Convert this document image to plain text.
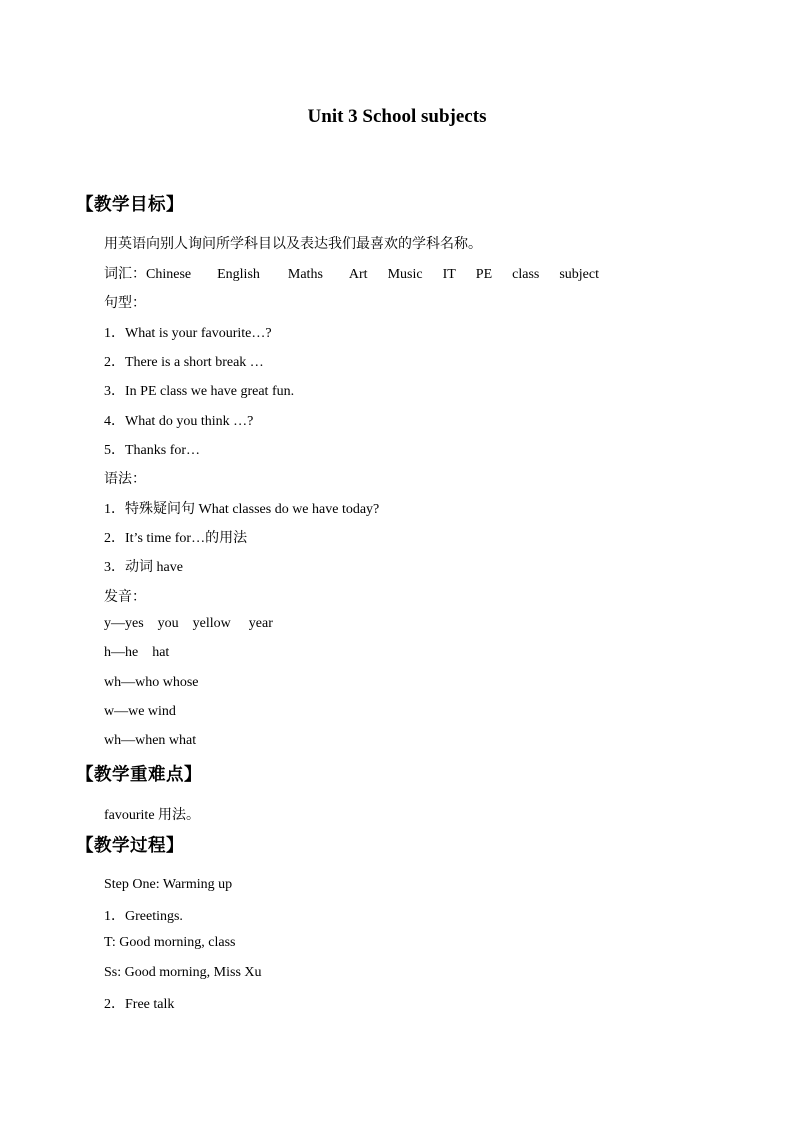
Unit 3 School subjects
【教学目标】
用英语向别人询问所学科目以及表达我们最喜欢的学科名称。
词汇：Chinese English Maths Art Music IT PE class subject
句型：
1．What is your favourite…?
2．There is a short break …
3．In PE class we have great fun.
4．What do you think …?
5．Thanks for…
语法：
1．特殊疑问句 What classes do we have today?
2．It’s time for…的用法
3．动词 have
发音：
y—yes you yellow year
h—he hat
wh—who whose
w—we wind
wh—when what
【教学重难点】
favourite 用法。
【教学过程】
Step One: Warming up
1．Greetings.
T: Good morning, class
Ss: Good morning, Miss Xu
2．Free talk
